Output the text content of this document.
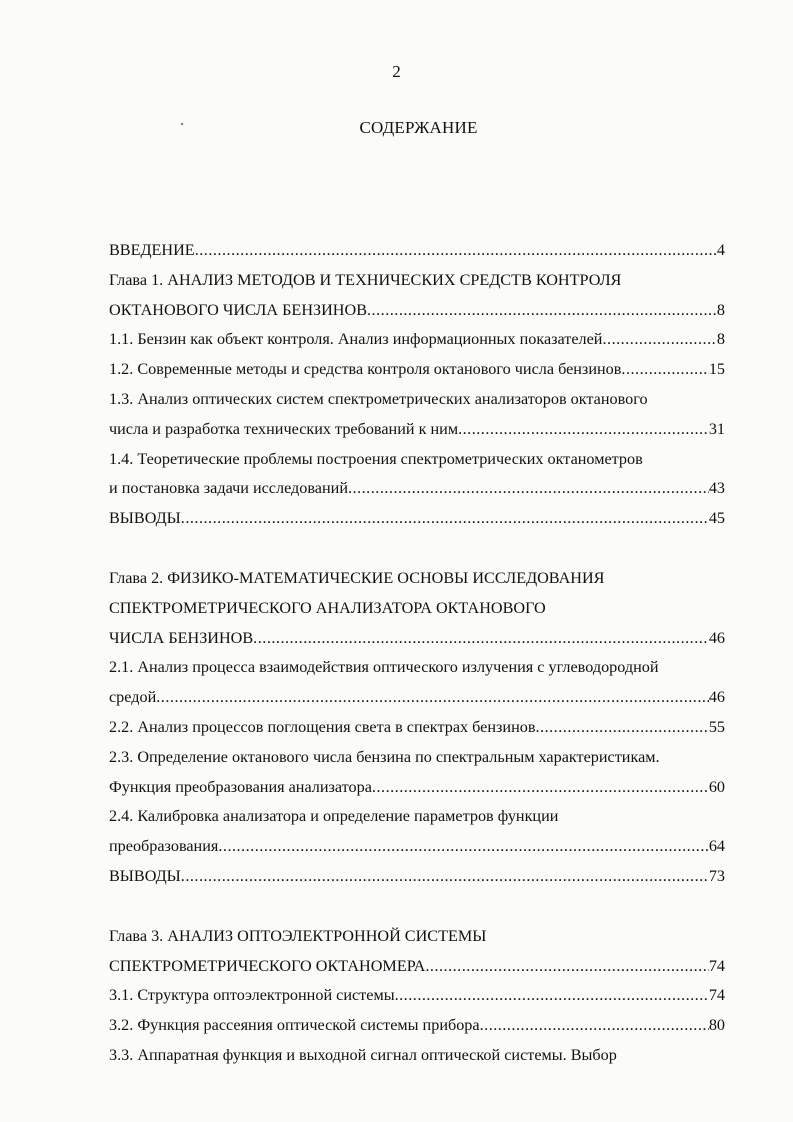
2
СОДЕРЖАНИЕ
ВВЕДЕНИЕ .....	4
Глава 1. АНАЛИЗ МЕТОДОВ И ТЕХНИЧЕСКИХ СРЕДСТВ КОНТРОЛЯ
ОКТАНОВОГО ЧИСЛА БЕНЗИНОВ .....	8
1.1. Бензин как объект контроля. Анализ информационных показателей .....	8
1.2. Современные методы и средства контроля октанового числа бензинов .....	15
1.3. Анализ оптических систем спектрометрических анализаторов октанового
числа и разработка технических требований к ним .....	31
1.4. Теоретические проблемы построения спектрометрических октанометров
и постановка задачи исследований .....	43
ВЫВОДЫ .....	45
Глава 2. ФИЗИКО-МАТЕМАТИЧЕСКИЕ ОСНОВЫ ИССЛЕДОВАНИЯ
СПЕКТРОМЕТРИЧЕСКОГО АНАЛИЗАТОРА ОКТАНОВОГО
ЧИСЛА БЕНЗИНОВ .....	46
2.1. Анализ процесса взаимодействия оптического излучения с углеводородной
средой .....	46
2.2. Анализ процессов поглощения света в спектрах бензинов .....	55
2.3. Определение октанового числа бензина по спектральным характеристикам.
Функция преобразования анализатора .....	60
2.4. Калибровка анализатора и определение параметров функции
преобразования .....	64
ВЫВОДЫ .....	73
Глава 3. АНАЛИЗ ОПТОЭЛЕКТРОННОЙ СИСТЕМЫ
СПЕКТРОМЕТРИЧЕСКОГО ОКТАНОМЕРА .....	74
3.1. Структура оптоэлектронной системы .....	74
3.2. Функция рассеяния оптической системы прибора .....	80
3.3. Аппаратная функция и выходной сигнал оптической системы. Выбор
